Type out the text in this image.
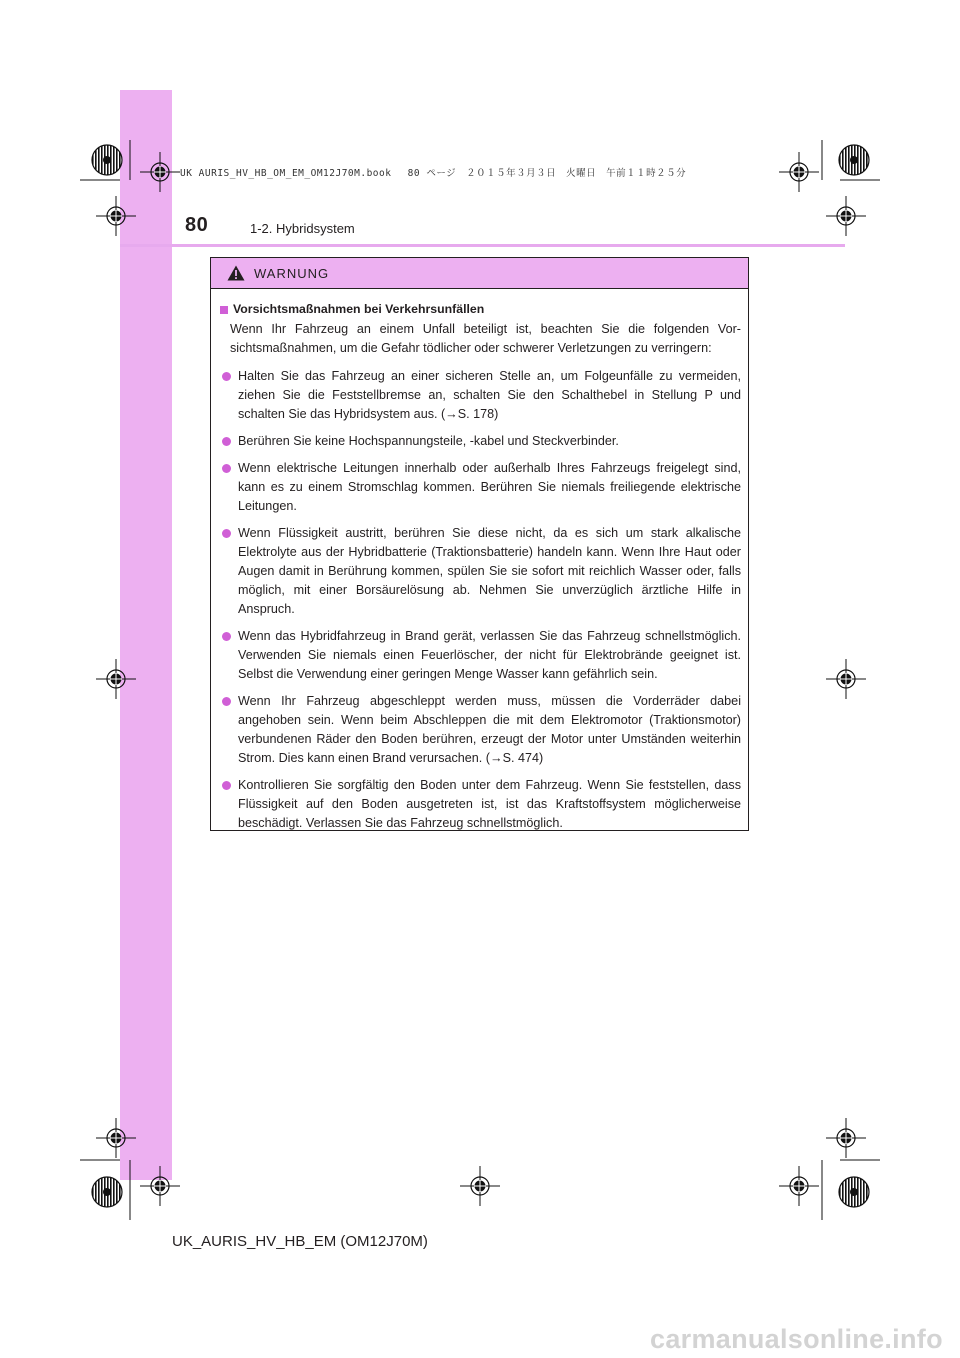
UK AURIS_HV_HB_OM_EM_OM12J70M.book　 80 ページ　２０１５年３月３日　火曜日　午前１１時２５分
80	1-2. Hybridsystem
WARNUNG
Vorsichtsmaßnahmen bei Verkehrsunfällen
Wenn Ihr Fahrzeug an einem Unfall beteiligt ist, beachten Sie die folgenden Vorsichtsmaßnahmen, um die Gefahr tödlicher oder schwerer Verletzungen zu verringern:
Halten Sie das Fahrzeug an einer sicheren Stelle an, um Folgeunfälle zu vermeiden, ziehen Sie die Feststellbremse an, schalten Sie den Schalthebel in Stellung P und schalten Sie das Hybridsystem aus. (→S. 178)
Berühren Sie keine Hochspannungsteile, -kabel und Steckverbinder.
Wenn elektrische Leitungen innerhalb oder außerhalb Ihres Fahrzeugs freigelegt sind, kann es zu einem Stromschlag kommen. Berühren Sie niemals freiliegende elektrische Leitungen.
Wenn Flüssigkeit austritt, berühren Sie diese nicht, da es sich um stark alkalische Elektrolyte aus der Hybridbatterie (Traktionsbatterie) handeln kann. Wenn Ihre Haut oder Augen damit in Berührung kommen, spülen Sie sie sofort mit reichlich Wasser oder, falls möglich, mit einer Borsäurelösung ab. Nehmen Sie unverzüglich ärztliche Hilfe in Anspruch.
Wenn das Hybridfahrzeug in Brand gerät, verlassen Sie das Fahrzeug schnellstmöglich. Verwenden Sie niemals einen Feuerlöscher, der nicht für Elektrobrände geeignet ist. Selbst die Verwendung einer geringen Menge Wasser kann gefährlich sein.
Wenn Ihr Fahrzeug abgeschleppt werden muss, müssen die Vorderräder dabei angehoben sein. Wenn beim Abschleppen die mit dem Elektromotor (Traktionsmotor) verbundenen Räder den Boden berühren, erzeugt der Motor unter Umständen weiterhin Strom. Dies kann einen Brand verursachen. (→S. 474)
Kontrollieren Sie sorgfältig den Boden unter dem Fahrzeug. Wenn Sie feststellen, dass Flüssigkeit auf den Boden ausgetreten ist, ist das Kraftstoffsystem möglicherweise beschädigt. Verlassen Sie das Fahrzeug schnellstmöglich.
UK_AURIS_HV_HB_EM (OM12J70M)
carmanualsonline.info
